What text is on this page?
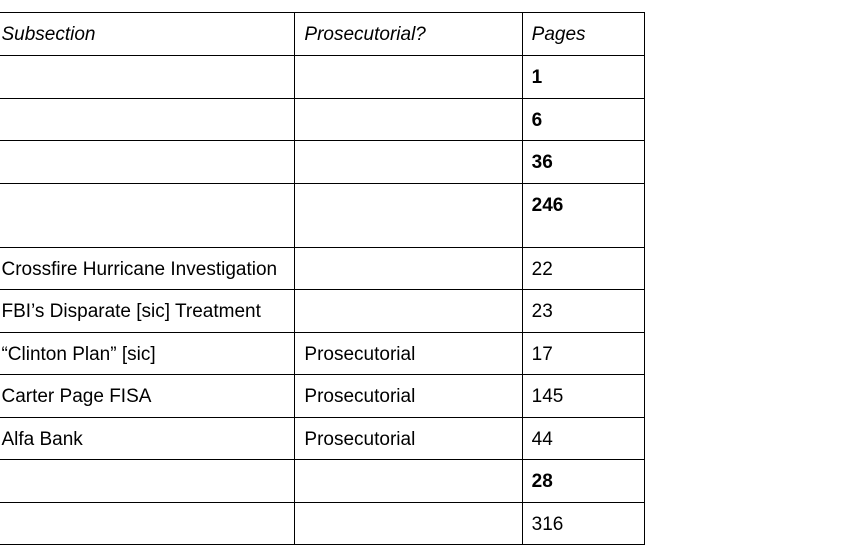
	Subsection	Prosecutorial?	Pages
			1
			6
			36

			246
	Crossfire Hurricane Investigation		22
	FBI’s Disparate [sic] Treatment		23
	“Clinton Plan” [sic]	Prosecutorial	17
	Carter Page FISA	Prosecutorial	145
	Alfa Bank	Prosecutorial	44
			28
			316
